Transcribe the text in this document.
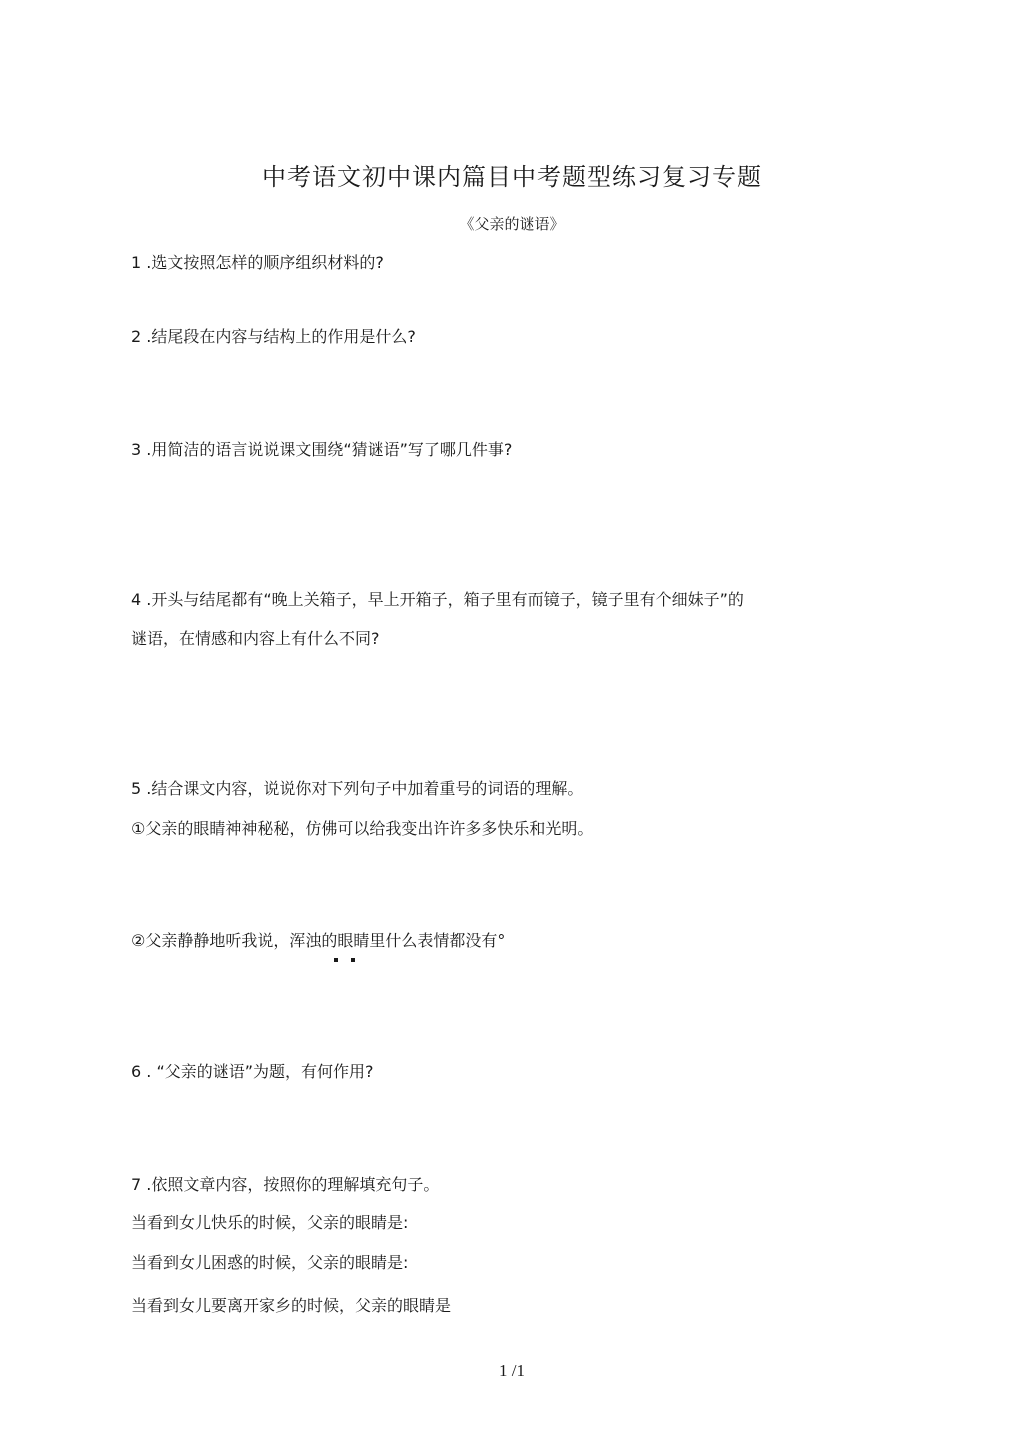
中考语文初中课内篇目中考题型练习复习专题
《父亲的谜语》
1 .选文按照怎样的顺序组织材料的?
2 .结尾段在内容与结构上的作用是什么?
3 .用简洁的语言说说课文围绕“猜谜语”写了哪几件事?
4 .开头与结尾都有“晚上关箱子，早上开箱子，箱子里有而镜子，镜子里有个细妹子”的
谜语，在情感和内容上有什么不同?
5 .结合课文内容，说说你对下列句子中加着重号的词语的理解。
①父亲的眼睛神神秘秘，仿佛可以给我变出许许多多快乐和光明。
②父亲静静地听我说，浑浊的眼睛里什么表情都没有°
6 . “父亲的谜语”为题，有何作用?
7 .依照文章内容，按照你的理解填充句子。
当看到女儿快乐的时候，父亲的眼睛是:
当看到女儿困惑的时候，父亲的眼睛是:
当看到女儿要离开家乡的时候，父亲的眼睛是
1 /1
